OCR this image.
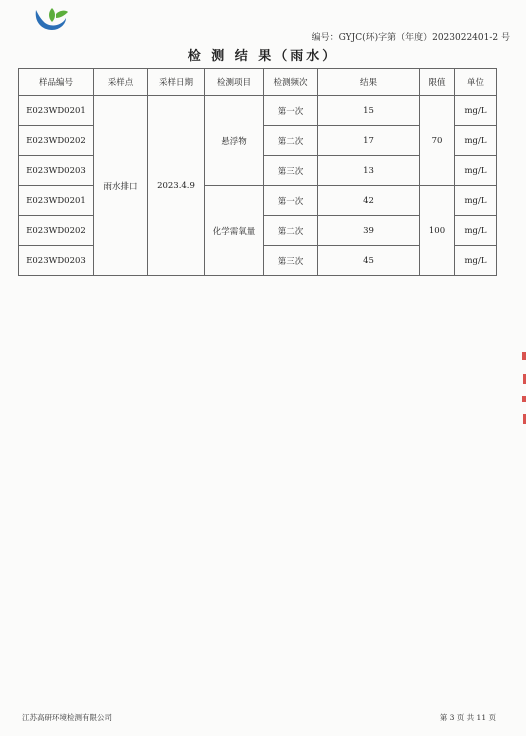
编号：GYJC(环)字第（年度）2023022401-2 号
检 测 结 果（雨水）
样品编号	采样点	采样日期	检测项目	检测频次	结果	限值	单位
E023WD0201	雨水排口	2023.4.9	悬浮物	第一次	15	70	mg/L
E023WD0202				第二次	17		mg/L
E023WD0203				第三次	13		mg/L
E023WD0201			化学需氧量	第一次	42	100	mg/L
E023WD0202				第二次	39		mg/L
E023WD0203				第三次	45		mg/L
江苏高研环境检测有限公司	第 3 页 共 11 页
